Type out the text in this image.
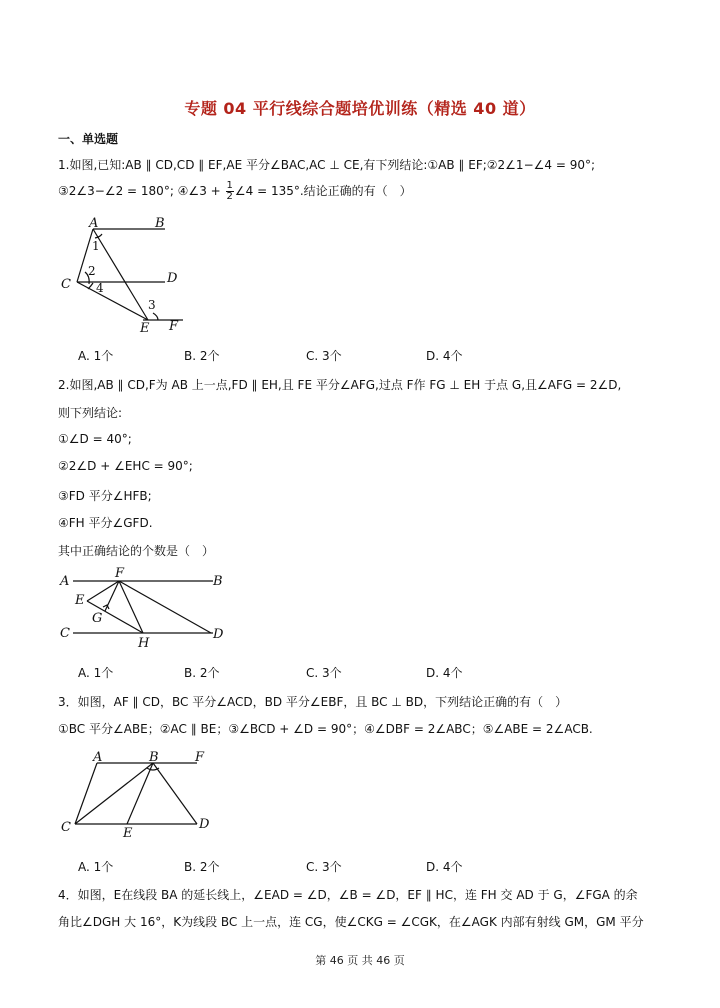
专题 04 平行线综合题培优训练（精选 40 道）
一、单选题
1.如图,已知:AB ∥ CD,CD ∥ EF,AE 平分∠BAC,AC ⊥ CE,有下列结论:①AB ∥ EF;②2∠1−∠4 = 90°;
③2∠3−∠2 = 180°; ④∠3 + $\frac{1}{2}$ ∠4 = 135°.结论正确的有（　）
A	B
C	D
E F
1
2
3
4
A. 1个	B. 2个	C. 3个	D. 4个
2.如图,AB ∥ CD,F为 AB 上一点,FD ∥ EH,且 FE 平分∠AFG,过点 F作 FG ⊥ EH 于点 G,且∠AFG = 2∠D,
则下列结论:
①∠D = 40°;
②2∠D + ∠EHC = 90°;
③FD 平分∠HFB;
④FH 平分∠GFD.
其中正确结论的个数是（　）
A
F
B
E
G
C
H
D
A. 1个	B. 2个	C. 3个	D. 4个
3．如图，AF ∥ CD，BC 平分∠ACD，BD 平分∠EBF，且 BC ⊥ BD，下列结论正确的有（　）
①BC 平分∠ABE；②AC ∥ BE；③∠BCD + ∠D = 90°；④∠DBF = 2∠ABC；⑤∠ABE = 2∠ACB.
A	B	F
C	E
D
A. 1个	B. 2个	C. 3个	D. 4个
4．如图，E在线段 BA 的延长线上，∠EAD = ∠D，∠B = ∠D，EF ∥ HC，连 FH 交 AD 于 G，∠FGA 的余
角比∠DGH 大 16°，K为线段 BC 上一点，连 CG，使∠CKG = ∠CGK，在∠AGK 内部有射线 GM，GM 平分
第 46 页 共 46 页
